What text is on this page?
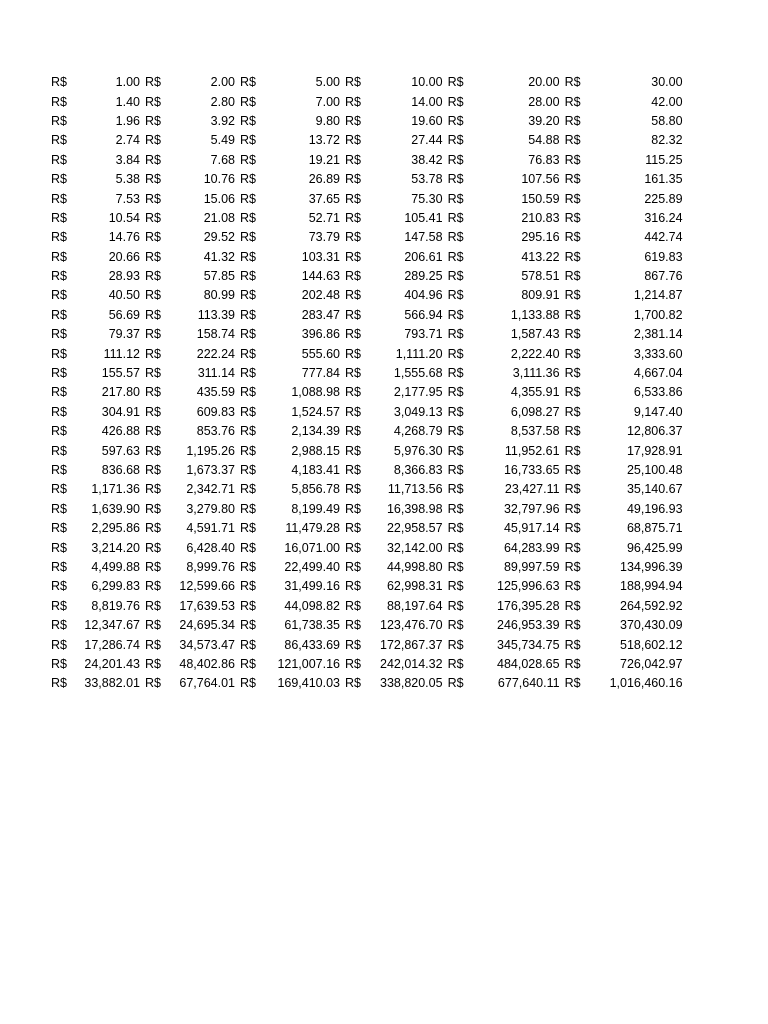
R$	1.00	R$	2.00	R$	5.00	R$	10.00	R$	20.00	R$	30.00
R$	1.40	R$	2.80	R$	7.00	R$	14.00	R$	28.00	R$	42.00
R$	1.96	R$	3.92	R$	9.80	R$	19.60	R$	39.20	R$	58.80
R$	2.74	R$	5.49	R$	13.72	R$	27.44	R$	54.88	R$	82.32
R$	3.84	R$	7.68	R$	19.21	R$	38.42	R$	76.83	R$	115.25
R$	5.38	R$	10.76	R$	26.89	R$	53.78	R$	107.56	R$	161.35
R$	7.53	R$	15.06	R$	37.65	R$	75.30	R$	150.59	R$	225.89
R$	10.54	R$	21.08	R$	52.71	R$	105.41	R$	210.83	R$	316.24
R$	14.76	R$	29.52	R$	73.79	R$	147.58	R$	295.16	R$	442.74
R$	20.66	R$	41.32	R$	103.31	R$	206.61	R$	413.22	R$	619.83
R$	28.93	R$	57.85	R$	144.63	R$	289.25	R$	578.51	R$	867.76
R$	40.50	R$	80.99	R$	202.48	R$	404.96	R$	809.91	R$	1,214.87
R$	56.69	R$	113.39	R$	283.47	R$	566.94	R$	1,133.88	R$	1,700.82
R$	79.37	R$	158.74	R$	396.86	R$	793.71	R$	1,587.43	R$	2,381.14
R$	111.12	R$	222.24	R$	555.60	R$	1,111.20	R$	2,222.40	R$	3,333.60
R$	155.57	R$	311.14	R$	777.84	R$	1,555.68	R$	3,111.36	R$	4,667.04
R$	217.80	R$	435.59	R$	1,088.98	R$	2,177.95	R$	4,355.91	R$	6,533.86
R$	304.91	R$	609.83	R$	1,524.57	R$	3,049.13	R$	6,098.27	R$	9,147.40
R$	426.88	R$	853.76	R$	2,134.39	R$	4,268.79	R$	8,537.58	R$	12,806.37
R$	597.63	R$	1,195.26	R$	2,988.15	R$	5,976.30	R$	11,952.61	R$	17,928.91
R$	836.68	R$	1,673.37	R$	4,183.41	R$	8,366.83	R$	16,733.65	R$	25,100.48
R$	1,171.36	R$	2,342.71	R$	5,856.78	R$	11,713.56	R$	23,427.11	R$	35,140.67
R$	1,639.90	R$	3,279.80	R$	8,199.49	R$	16,398.98	R$	32,797.96	R$	49,196.93
R$	2,295.86	R$	4,591.71	R$	11,479.28	R$	22,958.57	R$	45,917.14	R$	68,875.71
R$	3,214.20	R$	6,428.40	R$	16,071.00	R$	32,142.00	R$	64,283.99	R$	96,425.99
R$	4,499.88	R$	8,999.76	R$	22,499.40	R$	44,998.80	R$	89,997.59	R$	134,996.39
R$	6,299.83	R$	12,599.66	R$	31,499.16	R$	62,998.31	R$	125,996.63	R$	188,994.94
R$	8,819.76	R$	17,639.53	R$	44,098.82	R$	88,197.64	R$	176,395.28	R$	264,592.92
R$	12,347.67	R$	24,695.34	R$	61,738.35	R$	123,476.70	R$	246,953.39	R$	370,430.09
R$	17,286.74	R$	34,573.47	R$	86,433.69	R$	172,867.37	R$	345,734.75	R$	518,602.12
R$	24,201.43	R$	48,402.86	R$	121,007.16	R$	242,014.32	R$	484,028.65	R$	726,042.97
R$	33,882.01	R$	67,764.01	R$	169,410.03	R$	338,820.05	R$	677,640.11	R$	1,016,460.16
